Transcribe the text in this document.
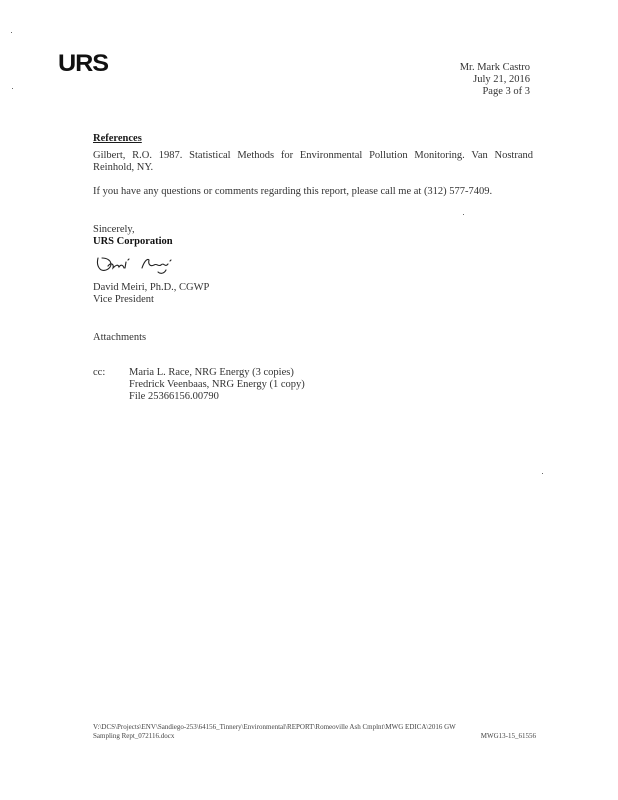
URS	Mr. Mark Castro
July 21, 2016
Page 3 of 3
References
Gilbert, R.O. 1987. Statistical Methods for Environmental Pollution Monitoring. Van Nostrand Reinhold, NY.
If you have any questions or comments regarding this report, please call me at (312) 577-7409.
Sincerely,
URS Corporation
David Meiri, Ph.D., CGWP
Vice President
Attachments
cc: Maria L. Race, NRG Energy (3 copies)
Fredrick Veenbaas, NRG Energy (1 copy)
File 25366156.00790
V:\DCS\Projects\ENV\Sandiego-253\64156_Tinnery\Environmental\REPORT\Romeoville Ash Cmplnt\MWG EDICA\2016 GW
Sampling Rept_072116.docx	MWG13-15_61556
